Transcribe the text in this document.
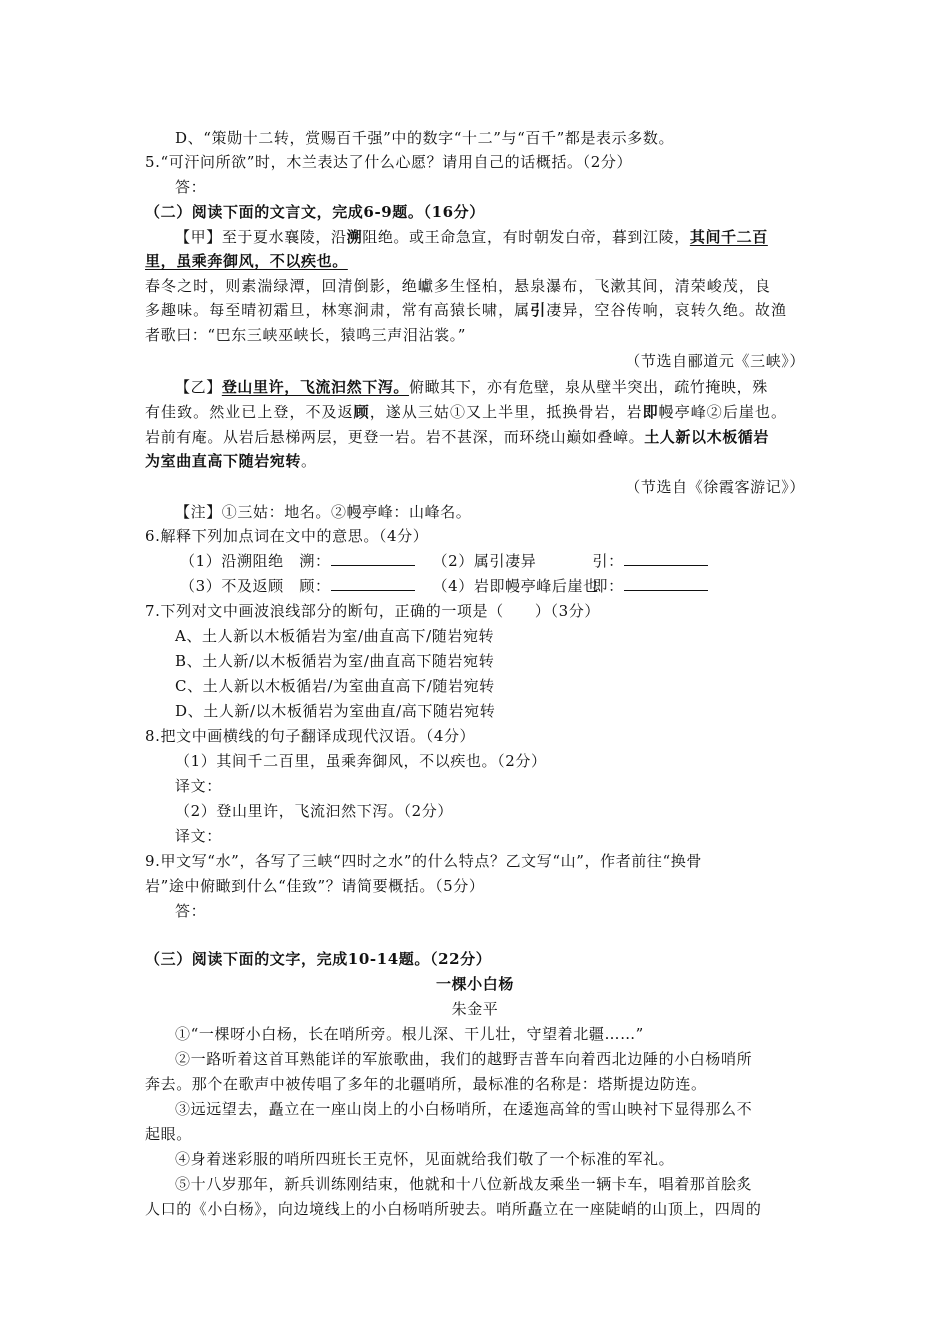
D、“策勋十二转，赏赐百千强”中的数字“十二”与“百千”都是表示多数。
5.“可汗问所欲”时，木兰表达了什么心愿？请用自己的话概括。（2分）
答：
（二）阅读下面的文言文，完成6-9题。（16分）
【甲】至于夏水襄陵，沿溯阻绝。或王命急宣，有时朝发白帝，暮到江陵，其间千二百
里，虽乘奔御风，不以疾也。
春冬之时，则素湍绿潭，回清倒影，绝巘多生怪柏，悬泉瀑布，飞漱其间，清荣峻茂，良
多趣味。每至晴初霜旦，林寒涧肃，常有高猿长啸，属引凄异，空谷传响，哀转久绝。故渔
者歌曰：“巴东三峡巫峡长，猿鸣三声泪沾裳。”
（节选自郦道元《三峡》）
【乙】登山里许，飞流汩然下泻。俯瞰其下，亦有危壁，泉从壁半突出，疏竹掩映，殊
有佳致。然业已上登，不及返顾，遂从三姑①又上半里，抵换骨岩，岩即幔亭峰②后崖也。
岩前有庵。从岩后悬梯两层，更登一岩。岩不甚深，而环绕山巅如叠嶂。土人新以木板循岩
为室曲直高下随岩宛转。
（节选自《徐霞客游记》）
【注】①三姑：地名。②幔亭峰：山峰名。
6.解释下列加点词在文中的意思。（4分）
（1）沿溯阻绝　溯：	（2）属引凄异	引：
（3）不及返顾　顾：	（4）岩即幔亭峰后崖也即：
7.下列对文中画波浪线部分的断句，正确的一项是（　　）（3分）
A、土人新以木板循岩为室/曲直高下/随岩宛转
B、土人新/以木板循岩为室/曲直高下随岩宛转
C、土人新以木板循岩/为室曲直高下/随岩宛转
D、土人新/以木板循岩为室曲直/高下随岩宛转
8.把文中画横线的句子翻译成现代汉语。（4分）
（1）其间千二百里，虽乘奔御风，不以疾也。（2分）
译文：
（2）登山里许，飞流汩然下泻。（2分）
译文：
9.甲文写“水”，各写了三峡“四时之水”的什么特点？乙文写“山”，作者前往“换骨
岩”途中俯瞰到什么“佳致”？请简要概括。（5分）
答：
（三）阅读下面的文字，完成10-14题。（22分）
一棵小白杨
朱金平
①“一棵呀小白杨，长在哨所旁。根儿深、干儿壮，守望着北疆……”
②一路听着这首耳熟能详的军旅歌曲，我们的越野吉普车向着西北边陲的小白杨哨所
奔去。那个在歌声中被传唱了多年的北疆哨所，最标准的名称是：塔斯提边防连。
③远远望去，矗立在一座山岗上的小白杨哨所，在逶迤高耸的雪山映衬下显得那么不
起眼。
④身着迷彩服的哨所四班长王克怀，见面就给我们敬了一个标准的军礼。
⑤十八岁那年，新兵训练刚结束，他就和十八位新战友乘坐一辆卡车，唱着那首脍炙
人口的《小白杨》，向边境线上的小白杨哨所驶去。哨所矗立在一座陡峭的山顶上，四周的
